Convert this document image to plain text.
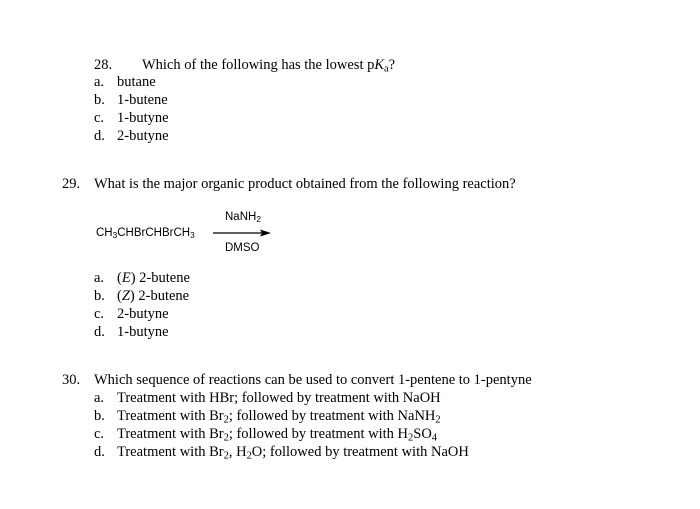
28. Which of the following has the lowest $pK_a$?
a. butane
b. 1-butene
c. 1-butyne
d. 2-butyne
29. What is the major organic product obtained from the following reaction?
$CH_3CHBrCHBrCH_3$
NaNH$_2$
DMSO
a. (E) 2-butene
b. (Z) 2-butene
c. 2-butyne
d. 1-butyne
30. Which sequence of reactions can be used to convert 1-pentene to 1-pentyne
a. Treatment with HBr; followed by treatment with NaOH
b. Treatment with $Br_2$; followed by treatment with NaNH$_2$
c. Treatment with $Br_2$; followed by treatment with $H_2SO_4$
d. Treatment with $Br_2$, $H_2O$; followed by treatment with NaOH
